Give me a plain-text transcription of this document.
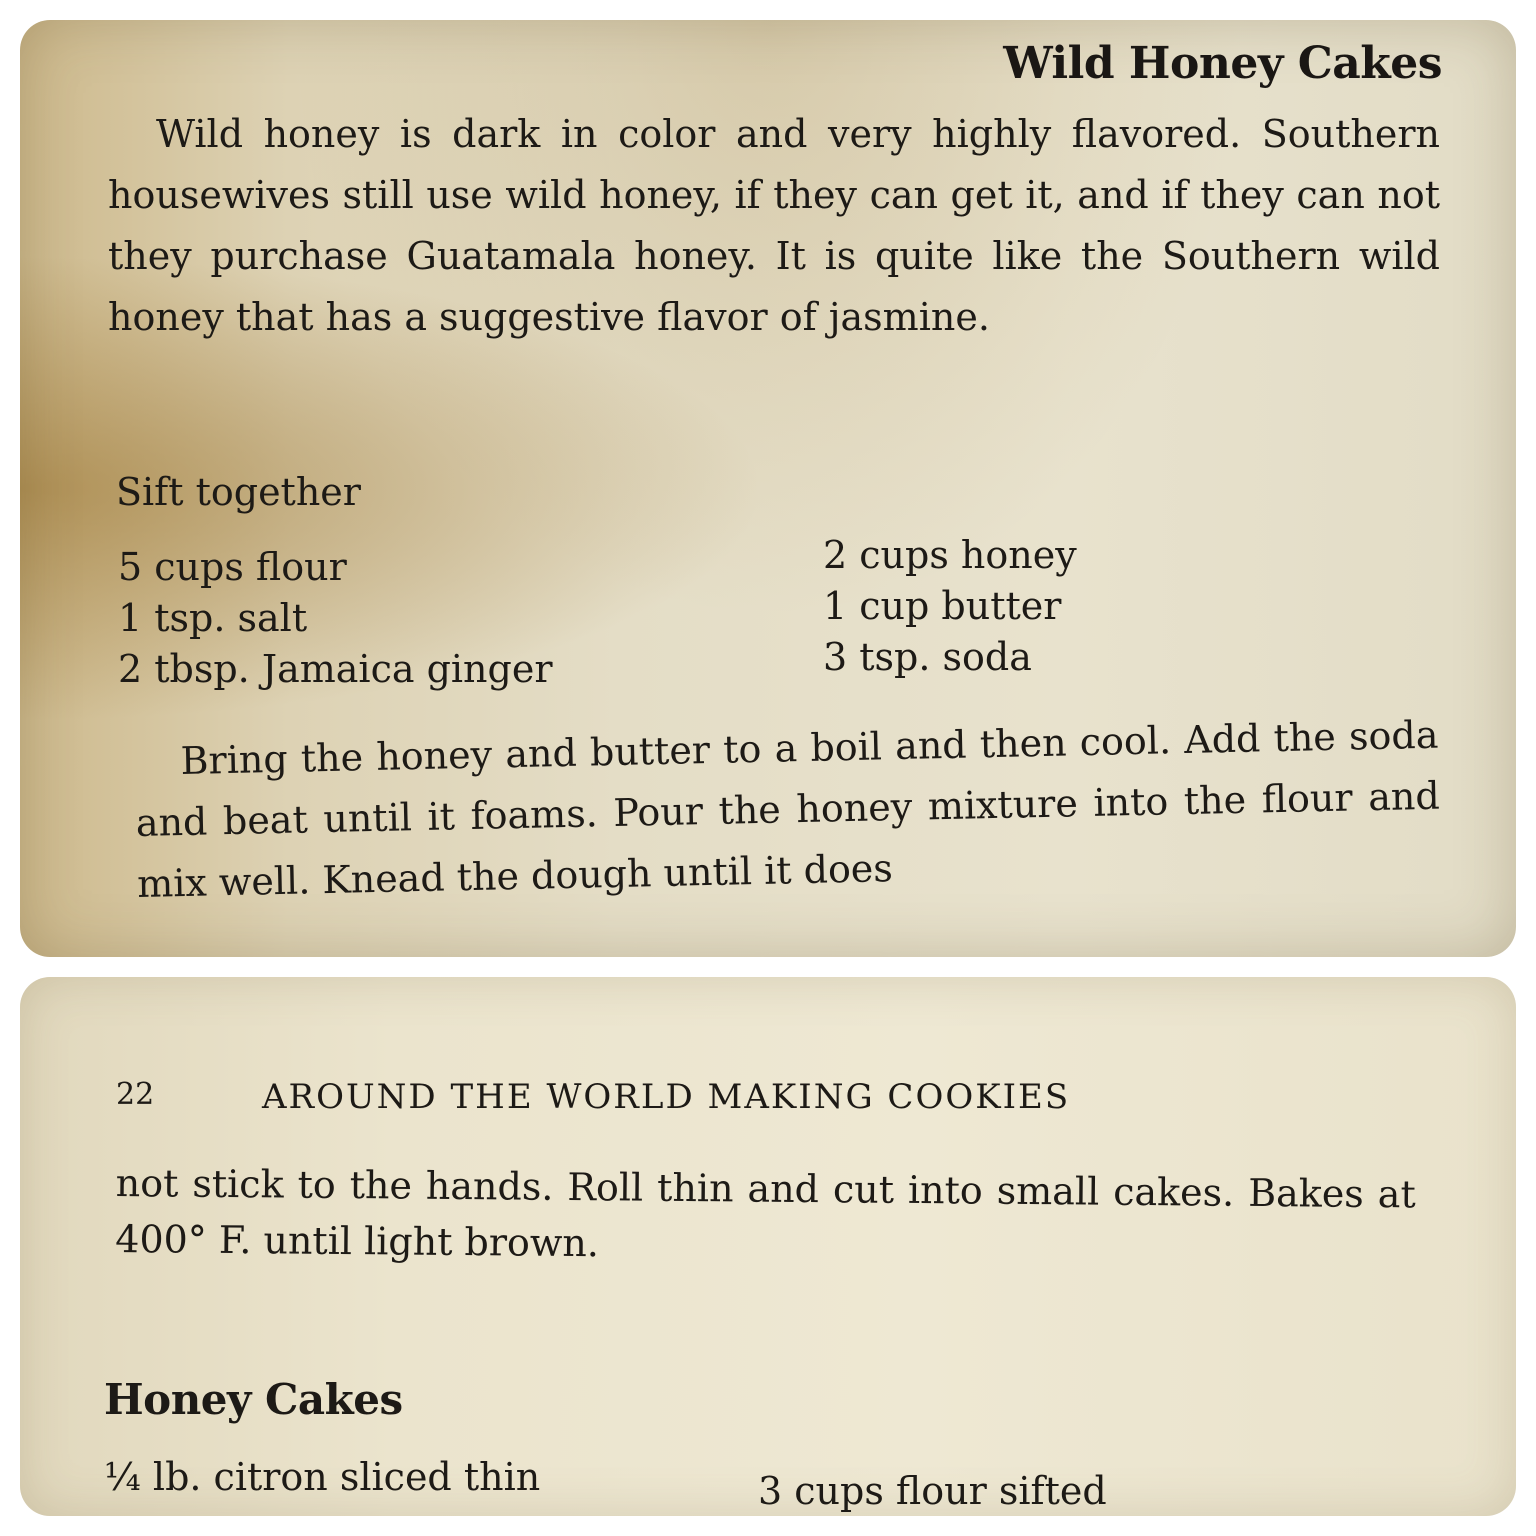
Wild Honey Cakes

Wild honey is dark in color and very highly flavored. Southern housewives still use wild honey, if they can get it, and if they can not they purchase Guatamala honey. It is quite like the Southern wild honey that has a suggestive flavor of jasmine.

Sift together

5 cups flour
1 tsp. salt
2 tbsp. Jamaica ginger
2 cups honey
1 cup butter
3 tsp. soda

Bring the honey and butter to a boil and then cool. Add the soda and beat until it foams. Pour the honey mixture into the flour and mix well. Knead the dough until it does

22	AROUND THE WORLD MAKING COOKIES

not stick to the hands. Roll thin and cut into small cakes. Bakes at 400° F. until light brown.

Honey Cakes

¼ lb. citron sliced thin	3 cups flour sifted
